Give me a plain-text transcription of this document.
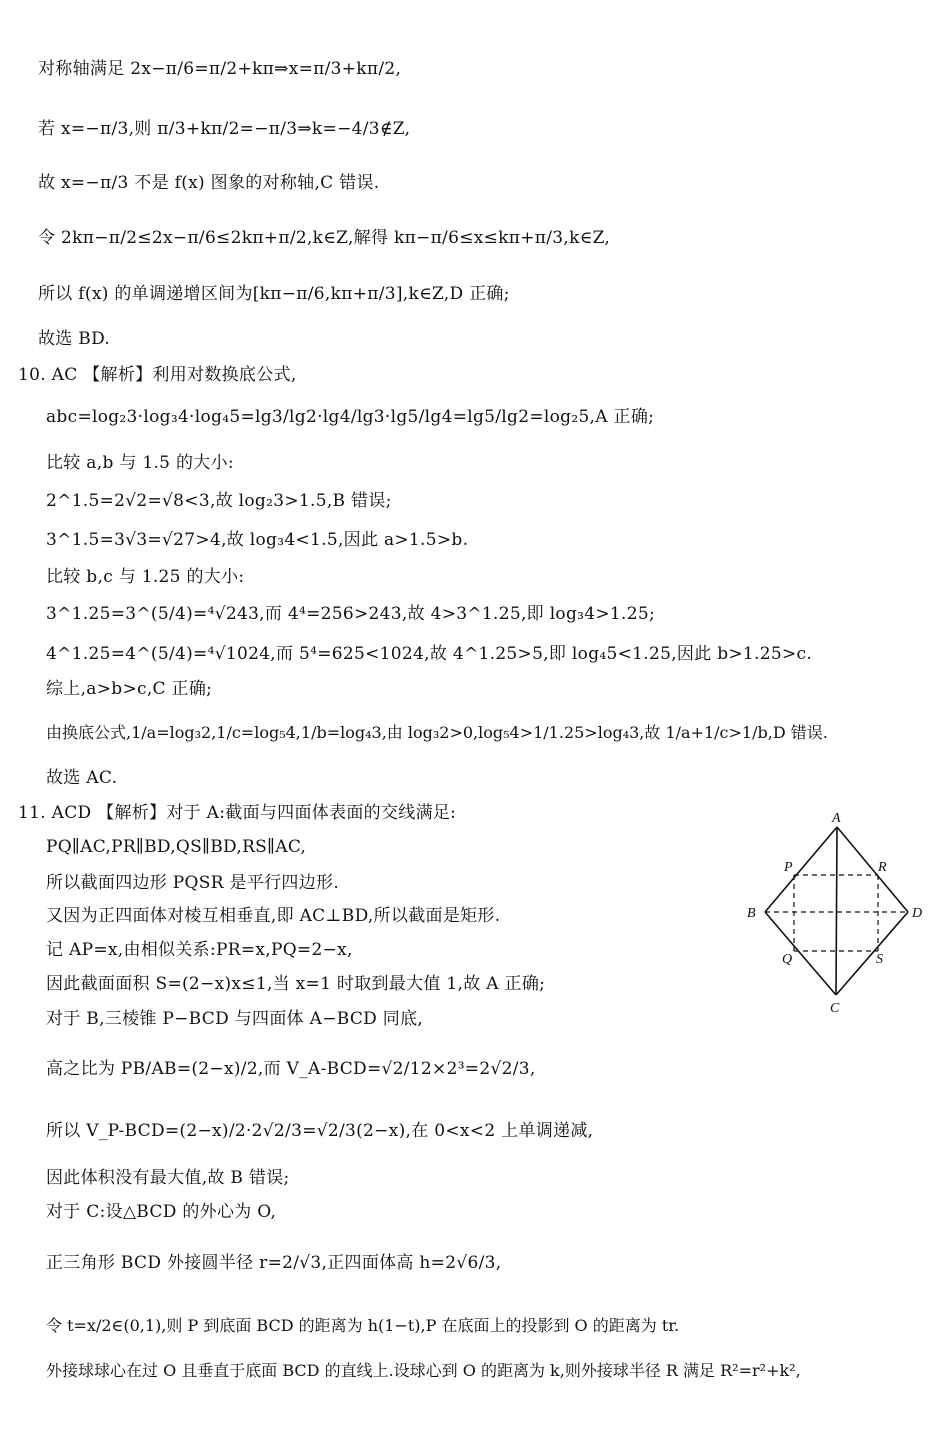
对称轴满足 2x−π/6=π/2+kπ⇒x=π/3+kπ/2,
若 x=−π/3,则 π/3+kπ/2=−π/3⇒k=−4/3∉Z,
故 x=−π/3 不是 f(x) 图象的对称轴,C 错误.
令 2kπ−π/2≤2x−π/6≤2kπ+π/2,k∈Z,解得 kπ−π/6≤x≤kπ+π/3,k∈Z,
所以 f(x) 的单调递增区间为[kπ−π/6,kπ+π/3],k∈Z,D 正确;
故选 BD.
10. AC 【解析】利用对数换底公式,
abc=log₂3·log₃4·log₄5=lg3/lg2·lg4/lg3·lg5/lg4=lg5/lg2=log₂5,A 正确;
比较 a,b 与 1.5 的大小:
2^1.5=2√2=√8<3,故 log₂3>1.5,B 错误;
3^1.5=3√3=√27>4,故 log₃4<1.5,因此 a>1.5>b.
比较 b,c 与 1.25 的大小:
3^1.25=3^(5/4)=⁴√243,而 4⁴=256>243,故 4>3^1.25,即 log₃4>1.25;
4^1.25=4^(5/4)=⁴√1024,而 5⁴=625<1024,故 4^1.25>5,即 log₄5<1.25,因此 b>1.25>c.
综上,a>b>c,C 正确;
由换底公式,1/a=log₃2,1/c=log₅4,1/b=log₄3,由 log₃2>0,log₅4>1/1.25>log₄3,故 1/a+1/c>1/b,D 错误.
故选 AC.
11. ACD 【解析】对于 A:截面与四面体表面的交线满足:
PQ∥AC,PR∥BD,QS∥BD,RS∥AC,
所以截面四边形 PQSR 是平行四边形.
又因为正四面体对棱互相垂直,即 AC⊥BD,所以截面是矩形.
记 AP=x,由相似关系:PR=x,PQ=2−x,
因此截面面积 S=(2−x)x≤1,当 x=1 时取到最大值 1,故 A 正确;
对于 B,三棱锥 P−BCD 与四面体 A−BCD 同底,
高之比为 PB/AB=(2−x)/2,而 V_A-BCD=√2/12×2³=2√2/3,
所以 V_P-BCD=(2−x)/2·2√2/3=√2/3(2−x),在 0<x<2 上单调递减,
因此体积没有最大值,故 B 错误;
对于 C:设△BCD 的外心为 O,
正三角形 BCD 外接圆半径 r=2/√3,正四面体高 h=2√6/3,
令 t=x/2∈(0,1),则 P 到底面 BCD 的距离为 h(1−t),P 在底面上的投影到 O 的距离为 tr.
外接球球心在过 O 且垂直于底面 BCD 的直线上.设球心到 O 的距离为 k,则外接球半径 R 满足 R²=r²+k²,
A
B
C
D
P
Q
R
S
